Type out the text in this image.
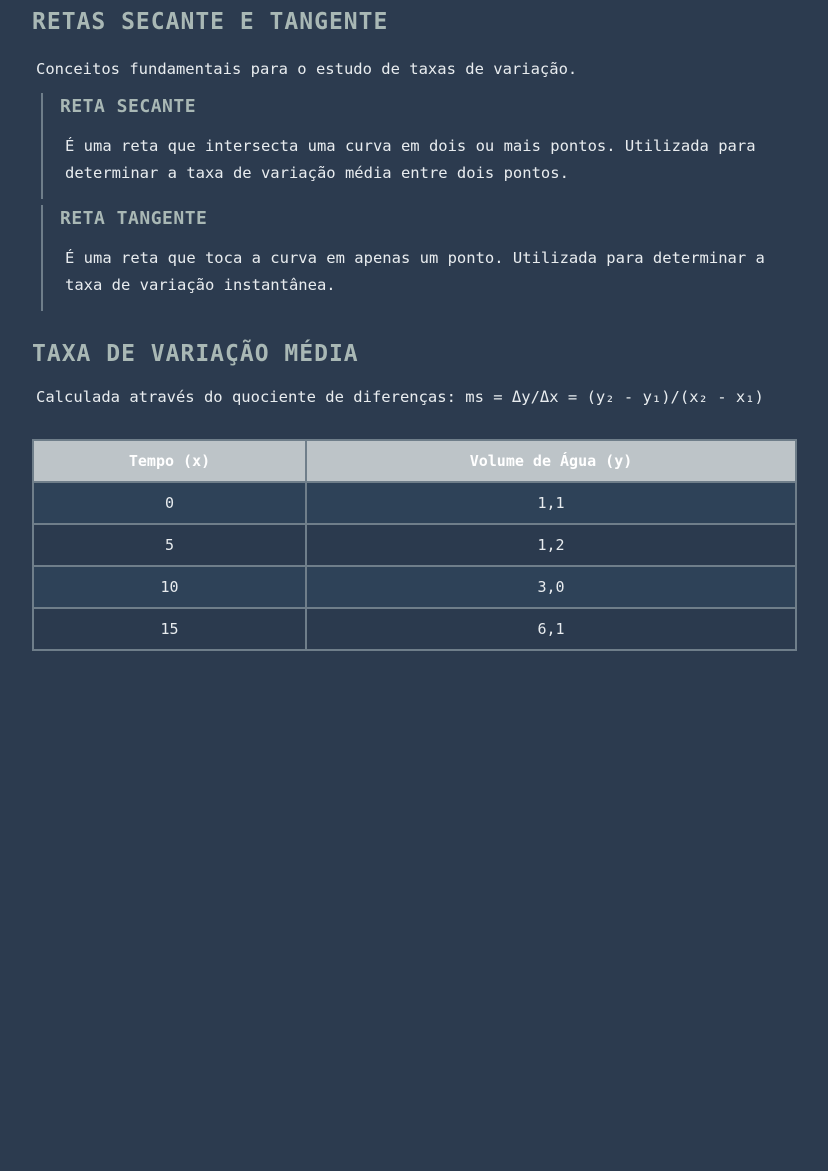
RETAS SECANTE E TANGENTE

Conceitos fundamentais para o estudo de taxas de variação.

RETA SECANTE

É uma reta que intersecta uma curva em dois ou mais pontos. Utilizada para determinar a taxa de variação média entre dois pontos.

RETA TANGENTE

É uma reta que toca a curva em apenas um ponto. Utilizada para determinar a taxa de variação instantânea.

TAXA DE VARIAÇÃO MÉDIA

Calculada através do quociente de diferenças: ms = Δy/Δx = (y₂ - y₁)/(x₂ - x₁)

Tempo (x)	Volume de Água (y)
0	1,1
5	1,2
10	3,0
15	6,1
